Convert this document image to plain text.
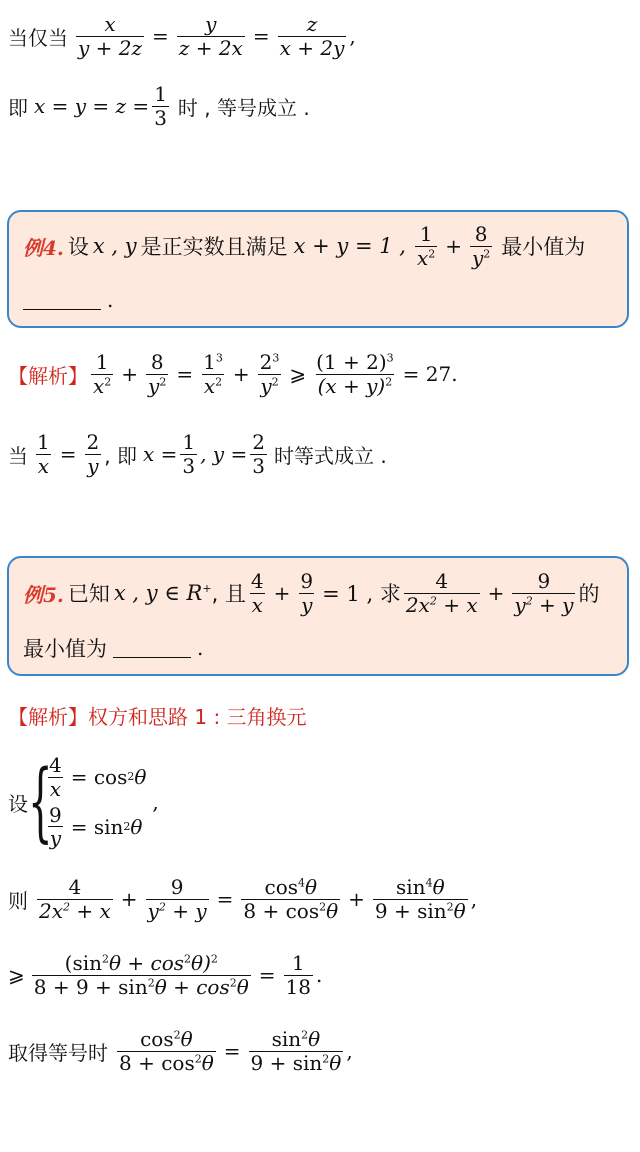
当仅当 $\frac{x}{y + 2z} = \frac{y}{z + 2x} = \frac{z}{x + 2y}$ ,
即 $x = y = z = \frac{1}{3}$ 时 , 等号成立 .
例4. 设 x , y 是正实数且满足 x + y = 1 , $\frac{1}{x^2} + \frac{8}{y^2}$ 最小值为
.
【解析】 $\frac{1}{x^2} + \frac{8}{y^2} = \frac{1^3}{x^2} + \frac{2^3}{y^2}$ ⩾ $\frac{(1 + 2)^3}{(x + y)^2} = 27$.
当 $\frac{1}{x} = \frac{2}{y}$ , 即 $x = \frac{1}{3}$ , $y = \frac{2}{3}$ 时等式成立 .
例5. 已知 x , y ∈ R+ , 且 $\frac{4}{x} + \frac{9}{y} = 1$ , 求 $\frac{4}{2x^2 + x} + \frac{9}{y^2 + y}$ 的
最小值为	.
【解析】权方和思路 1 : 三角换元
设 {
$\frac{4}{x} = \cos 2$ θ
$\frac{9}{y} = \sin 2$ θ
,
则 $\frac{4}{2x^2 + x} + \frac{9}{y^2 + y} = \frac{\cos^4\theta}{8 + \cos^2\theta} + \frac{\sin^4\theta}{9 + \sin^2\theta}$ ,
⩾ $\frac{(\sin^2\theta + \cos^2\theta)^2}{8 + 9 + \sin^2\theta + \cos^2\theta} = \frac{1}{18}$ .
取得等号时 $\frac{\cos^2\theta}{8 + \cos^2\theta} = \frac{\sin^2\theta}{9 + \sin^2\theta}$ ,
